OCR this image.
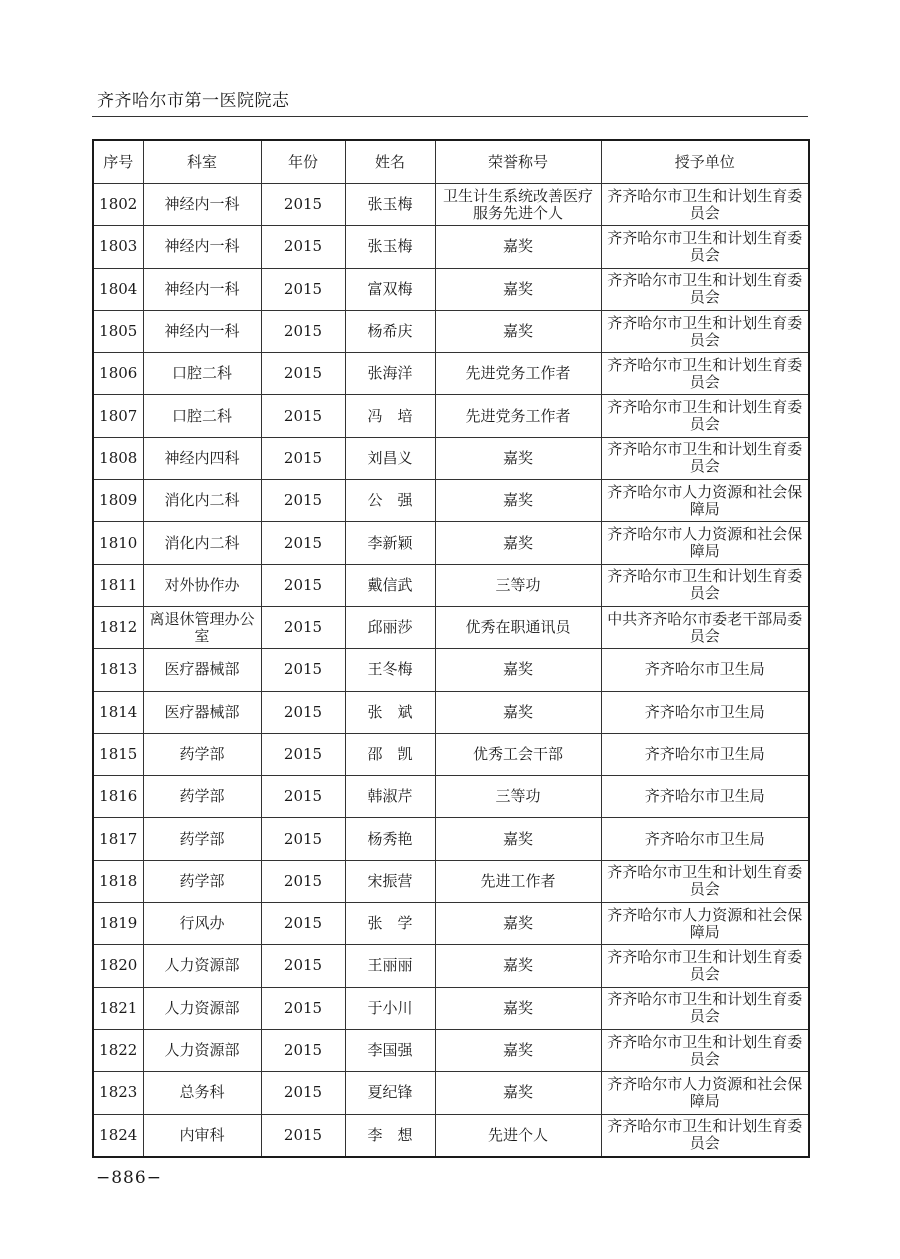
齐齐哈尔市第一医院院志
序号	科室	年份	姓名	荣誉称号	授予单位
1802	神经内一科	2015	张玉梅	卫生计生系统改善医疗服务先进个人	齐齐哈尔市卫生和计划生育委员会
1803	神经内一科	2015	张玉梅	嘉奖	齐齐哈尔市卫生和计划生育委员会
1804	神经内一科	2015	富双梅	嘉奖	齐齐哈尔市卫生和计划生育委员会
1805	神经内一科	2015	杨希庆	嘉奖	齐齐哈尔市卫生和计划生育委员会
1806	口腔二科	2015	张海洋	先进党务工作者	齐齐哈尔市卫生和计划生育委员会
1807	口腔二科	2015	冯　培	先进党务工作者	齐齐哈尔市卫生和计划生育委员会
1808	神经内四科	2015	刘昌义	嘉奖	齐齐哈尔市卫生和计划生育委员会
1809	消化内二科	2015	公　强	嘉奖	齐齐哈尔市人力资源和社会保障局
1810	消化内二科	2015	李新颖	嘉奖	齐齐哈尔市人力资源和社会保障局
1811	对外协作办	2015	戴信武	三等功	齐齐哈尔市卫生和计划生育委员会
1812	离退休管理办公室	2015	邱丽莎	优秀在职通讯员	中共齐齐哈尔市委老干部局委员会
1813	医疗器械部	2015	王冬梅	嘉奖	齐齐哈尔市卫生局
1814	医疗器械部	2015	张　斌	嘉奖	齐齐哈尔市卫生局
1815	药学部	2015	邵　凯	优秀工会干部	齐齐哈尔市卫生局
1816	药学部	2015	韩淑芹	三等功	齐齐哈尔市卫生局
1817	药学部	2015	杨秀艳	嘉奖	齐齐哈尔市卫生局
1818	药学部	2015	宋振营	先进工作者	齐齐哈尔市卫生和计划生育委员会
1819	行风办	2015	张　学	嘉奖	齐齐哈尔市人力资源和社会保障局
1820	人力资源部	2015	王丽丽	嘉奖	齐齐哈尔市卫生和计划生育委员会
1821	人力资源部	2015	于小川	嘉奖	齐齐哈尔市卫生和计划生育委员会
1822	人力资源部	2015	李国强	嘉奖	齐齐哈尔市卫生和计划生育委员会
1823	总务科	2015	夏纪锋	嘉奖	齐齐哈尔市人力资源和社会保障局
1824	内审科	2015	李　想	先进个人	齐齐哈尔市卫生和计划生育委员会
−886−
